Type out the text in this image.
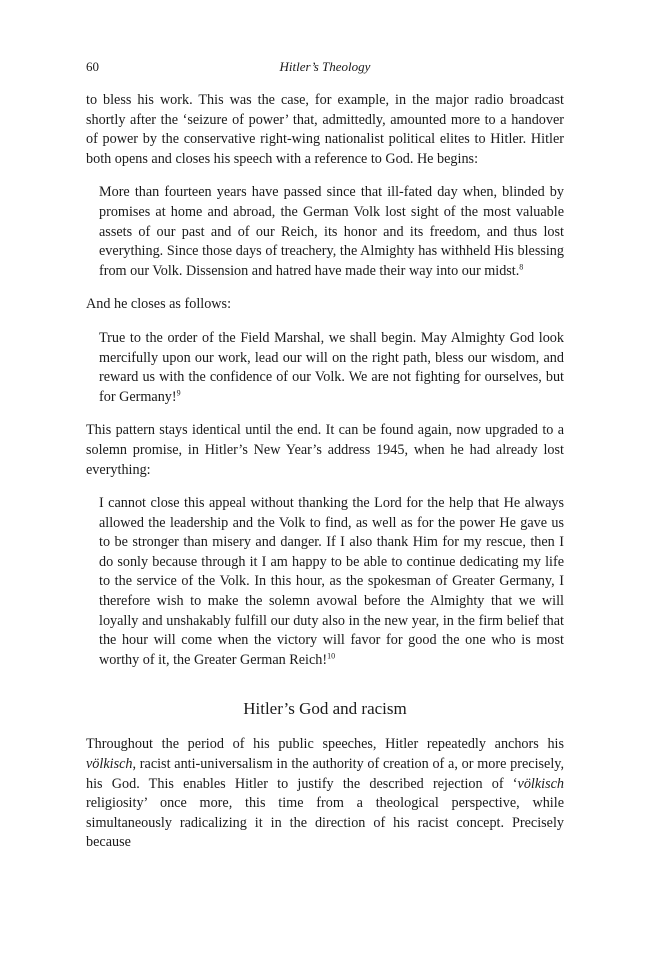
60	Hitler’s Theology

to bless his work. This was the case, for example, in the major radio broadcast shortly after the ‘seizure of power’ that, admittedly, amounted more to a handover of power by the conservative right-wing nationalist political elites to Hitler. Hitler both opens and closes his speech with a reference to God. He begins:

More than fourteen years have passed since that ill-fated day when, blinded by promises at home and abroad, the German Volk lost sight of the most valuable assets of our past and of our Reich, its honor and its freedom, and thus lost everything. Since those days of treachery, the Almighty has withheld His blessing from our Volk. Dissension and hatred have made their way into our midst.$^8$

And he closes as follows:

True to the order of the Field Marshal, we shall begin. May Almighty God look mercifully upon our work, lead our will on the right path, bless our wisdom, and reward us with the confidence of our Volk. We are not fighting for ourselves, but for Germany!$^9$

This pattern stays identical until the end. It can be found again, now upgraded to a solemn promise, in Hitler’s New Year’s address 1945, when he had already lost everything:

I cannot close this appeal without thanking the Lord for the help that He always allowed the leadership and the Volk to find, as well as for the power He gave us to be stronger than misery and danger. If I also thank Him for my rescue, then I do sonly because through it I am happy to be able to continue dedicating my life to the service of the Volk. In this hour, as the spokesman of Greater Germany, I therefore wish to make the solemn avowal before the Almighty that we will loyally and unshakably fulfill our duty also in the new year, in the firm belief that the hour will come when the victory will favor for good the one who is most worthy of it, the Greater German Reich!$^{10}$

Hitler’s God and racism

Throughout the period of his public speeches, Hitler repeatedly anchors his völkisch, racist anti-universalism in the authority of creation of a, or more precisely, his God. This enables Hitler to justify the described rejection of ‘völkisch religiosity’ once more, this time from a theological perspective, while simultaneously radicalizing it in the direction of his racist concept. Precisely because
